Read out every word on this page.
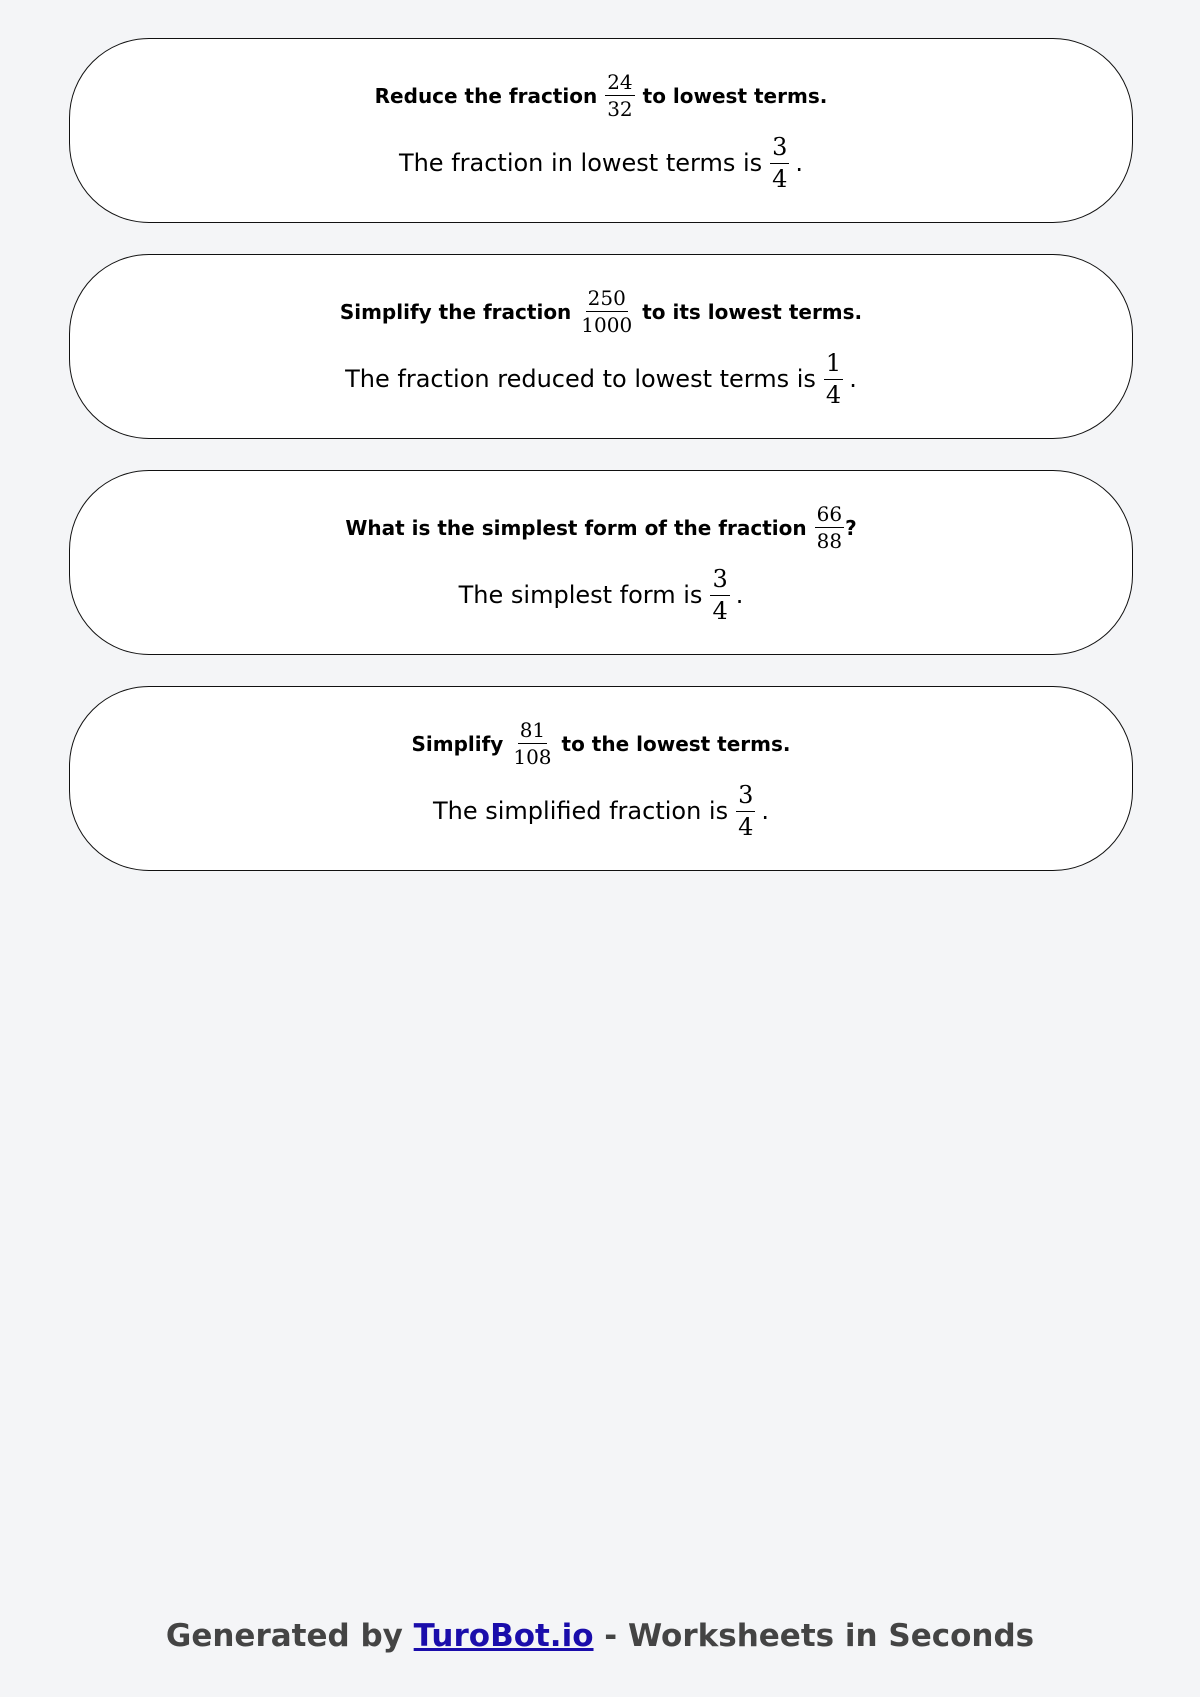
Reduce the fraction $\frac{24}{32}$ to lowest terms.
The fraction in lowest terms is $\frac{3}{4}$ .
Simplify the fraction $\frac{250}{1000}$ to its lowest terms.
The fraction reduced to lowest terms is $\frac{1}{4}$ .
What is the simplest form of the fraction $\frac{66}{88}$ ?
The simplest form is $\frac{3}{4}$ .
Simplify $\frac{81}{108}$ to the lowest terms.
The simplified fraction is $\frac{3}{4}$ .
Generated by TuroBot.io - Worksheets in Seconds
